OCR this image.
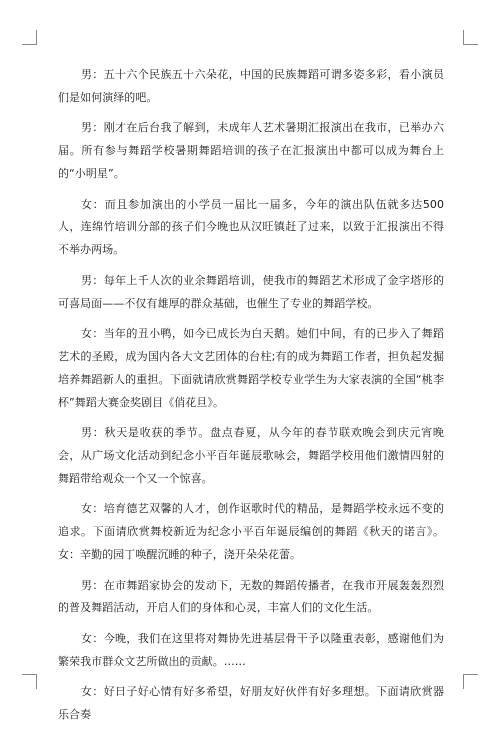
男：五十六个民族五十六朵花，中国的民族舞蹈可谓多姿多彩，看小演员们是如何演绎的吧。

男：刚才在后台我了解到，未成年人艺术暑期汇报演出在我市，已举办六届。所有参与舞蹈学校暑期舞蹈培训的孩子在汇报演出中都可以成为舞台上的“小明星”。

女：而且参加演出的小学员一届比一届多，今年的演出队伍就多达500人，连绵竹培训分部的孩子们今晚也从汉旺镇赶了过来，以致于汇报演出不得不举办两场。

男：每年上千人次的业余舞蹈培训，使我市的舞蹈艺术形成了金字塔形的可喜局面——不仅有雄厚的群众基础，也催生了专业的舞蹈学校。

女：当年的丑小鸭，如今已成长为白天鹅。她们中间，有的已步入了舞蹈艺术的圣殿，成为国内各大文艺团体的台柱;有的成为舞蹈工作者，担负起发掘培养舞蹈新人的重担。下面就请欣赏舞蹈学校专业学生为大家表演的全国“桃李杯”舞蹈大赛金奖剧目《俏花旦》。

男：秋天是收获的季节。盘点春夏，从今年的春节联欢晚会到庆元宵晚会，从广场文化活动到纪念小平百年诞辰歌咏会，舞蹈学校用他们激情四射的舞蹈带给观众一个又一个惊喜。

女：培育德艺双馨的人才，创作讴歌时代的精品，是舞蹈学校永远不变的追求。下面请欣赏舞校新近为纪念小平百年诞辰编创的舞蹈《秋天的诺言》。女：辛勤的园丁唤醒沉睡的种子，浇开朵朵花蕾。

男：在市舞蹈家协会的发动下，无数的舞蹈传播者，在我市开展轰轰烈烈的普及舞蹈活动，开启人们的身体和心灵，丰富人们的文化生活。

女：今晚，我们在这里将对舞协先进基层骨干予以隆重表彰，感谢他们为繁荣我市群众文艺所做出的贡献。……

女：好日子好心情有好多希望，好朋友好伙伴有好多理想。下面请欣赏器乐合奏
